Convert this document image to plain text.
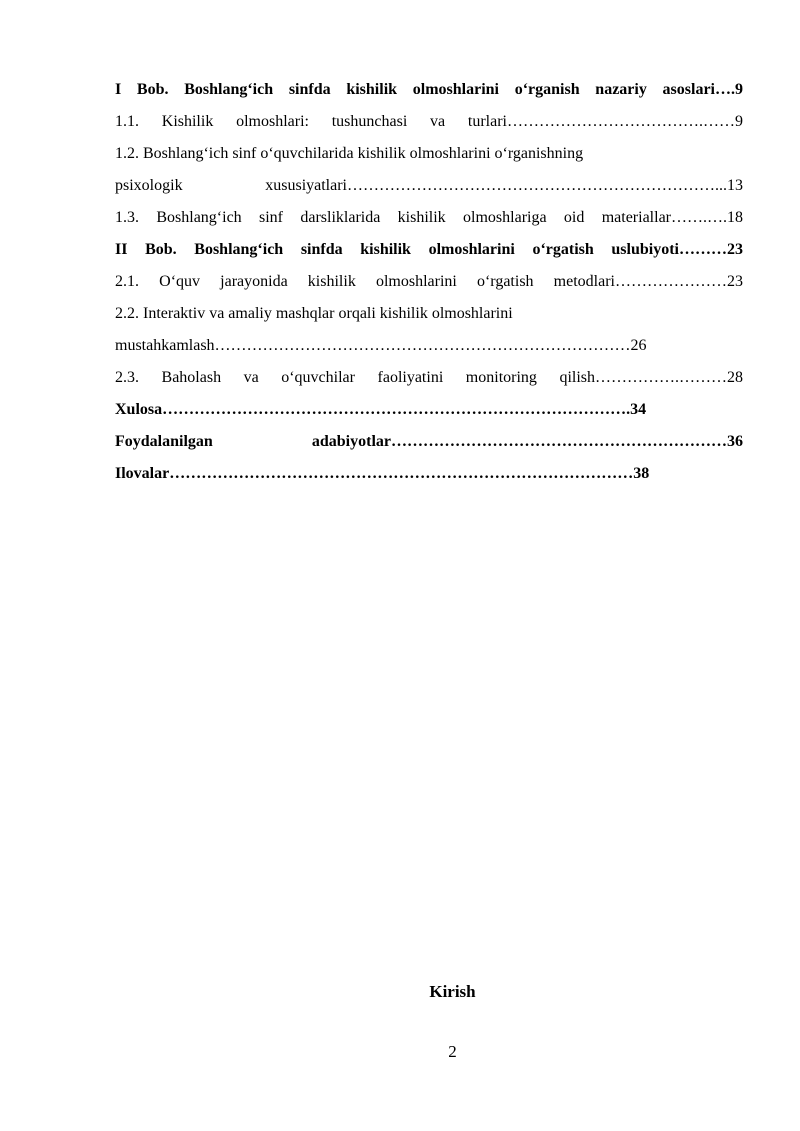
I Bob. Boshlang‘ich sinfda kishilik olmoshlarini o‘rganish nazariy asoslari….9
1.1. Kishilik olmoshlari: tushunchasi va turlari……………………………….……9
1.2. Boshlang‘ich sinf o‘quvchilarida kishilik olmoshlarini o‘rganishning
psixologik xususiyatlari……………………………………………………………...13
1.3. Boshlang‘ich sinf darsliklarida kishilik olmoshlariga oid materiallar…….….18
II Bob. Boshlang‘ich sinfda kishilik olmoshlarini o‘rgatish uslubiyoti………23
2.1. O‘quv jarayonida kishilik olmoshlarini o‘rgatish metodlari…………………23
2.2. Interaktiv va amaliy mashqlar orqali kishilik olmoshlarini
mustahkamlash……………………………………………………………………26
2.3. Baholash va o‘quvchilar faoliyatini monitoring qilish…………….………28
Xulosa…………………………………………………………………………….34
Foydalanilgan adabiyotlar………………………………………………………36
Ilovalar……………………………………………………………………………38
Kirish
2
